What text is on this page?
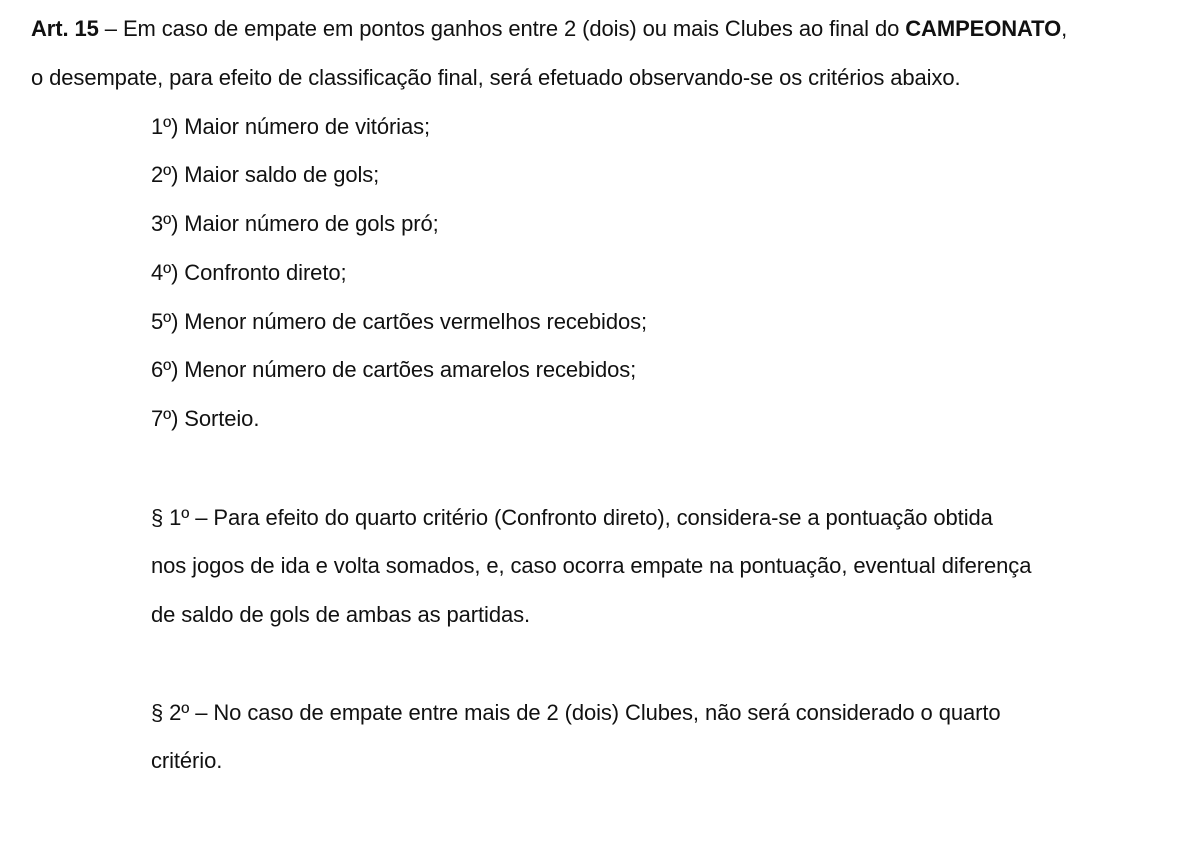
Art. 15 – Em caso de empate em pontos ganhos entre 2 (dois) ou mais Clubes ao final do CAMPEONATO,
o desempate, para efeito de classificação final, será efetuado observando-se os critérios abaixo.
1º) Maior número de vitórias;
2º) Maior saldo de gols;
3º) Maior número de gols pró;
4º) Confronto direto;
5º) Menor número de cartões vermelhos recebidos;
6º) Menor número de cartões amarelos recebidos;
7º) Sorteio.
§ 1º – Para efeito do quarto critério (Confronto direto), considera-se a pontuação obtida
nos jogos de ida e volta somados, e, caso ocorra empate na pontuação, eventual diferença
de saldo de gols de ambas as partidas.
§ 2º – No caso de empate entre mais de 2 (dois) Clubes, não será considerado o quarto
critério.
